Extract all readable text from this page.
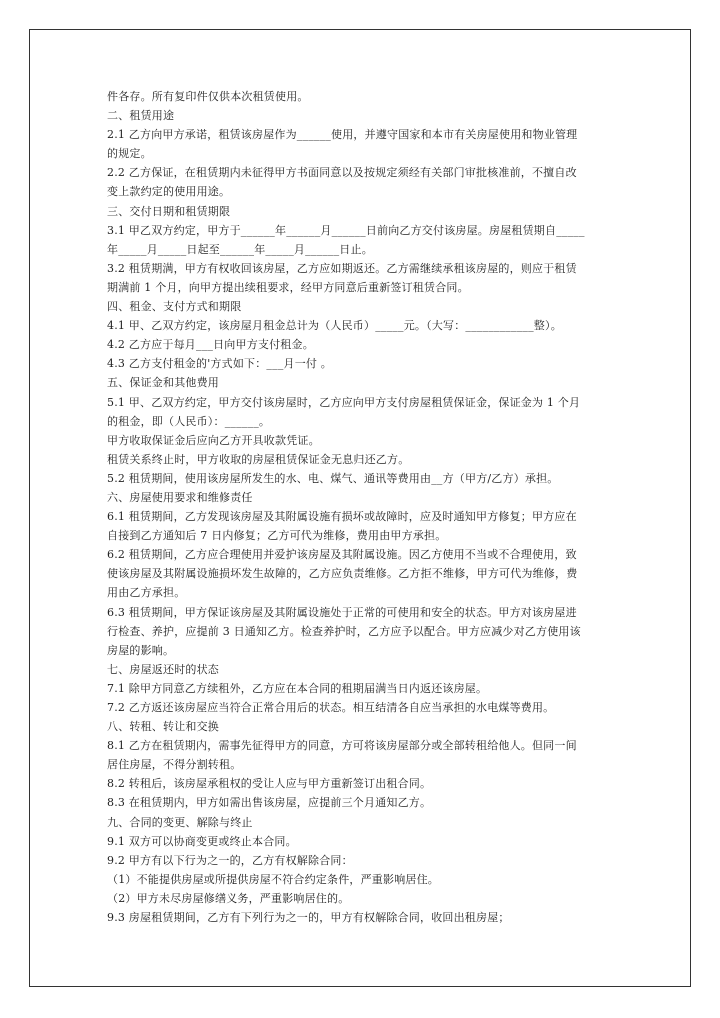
件各存。所有复印件仅供本次租赁使用。
二、租赁用途
2.1 乙方向甲方承诺，租赁该房屋作为______使用，并遵守国家和本市有关房屋使用和物业管理
的规定。
2.2 乙方保证，在租赁期内未征得甲方书面同意以及按规定须经有关部门审批核准前，不擅自改
变上款约定的使用用途。
三、交付日期和租赁期限
3.1 甲乙双方约定，甲方于______年______月______日前向乙方交付该房屋。房屋租赁期自_____
年_____月_____日起至______年_____月______日止。
3.2 租赁期满，甲方有权收回该房屋，乙方应如期返还。乙方需继续承租该房屋的，则应于租赁
期满前 1 个月，向甲方提出续租要求，经甲方同意后重新签订租赁合同。
四、租金、支付方式和期限
4.1 甲、乙双方约定，该房屋月租金总计为（人民币）_____元。（大写：____________整）。
4.2 乙方应于每月___日向甲方支付租金。
4.3 乙方支付租金的'方式如下：___月一付 。
五、保证金和其他费用
5.1 甲、乙双方约定，甲方交付该房屋时，乙方应向甲方支付房屋租赁保证金，保证金为 1 个月
的租金，即（人民币）：______。
甲方收取保证金后应向乙方开具收款凭证。
租赁关系终止时，甲方收取的房屋租赁保证金无息归还乙方。
5.2 租赁期间，使用该房屋所发生的水、电、煤气、通讯等费用由__方（甲方/乙方）承担。
六、房屋使用要求和维修责任
6.1 租赁期间，乙方发现该房屋及其附属设施有损坏或故障时，应及时通知甲方修复；甲方应在
自接到乙方通知后 7 日内修复；乙方可代为维修，费用由甲方承担。
6.2 租赁期间，乙方应合理使用并爱护该房屋及其附属设施。因乙方使用不当或不合理使用，致
使该房屋及其附属设施损坏发生故障的，乙方应负责维修。乙方拒不维修，甲方可代为维修，费
用由乙方承担。
6.3 租赁期间，甲方保证该房屋及其附属设施处于正常的可使用和安全的状态。甲方对该房屋进
行检查、养护，应提前 3 日通知乙方。检查养护时，乙方应予以配合。甲方应减少对乙方使用该
房屋的影响。
七、房屋返还时的状态
7.1 除甲方同意乙方续租外，乙方应在本合同的租期届满当日内返还该房屋。
7.2 乙方返还该房屋应当符合正常合用后的状态。相互结清各自应当承担的水电煤等费用。
八、转租、转让和交换
8.1 乙方在租赁期内，需事先征得甲方的同意，方可将该房屋部分或全部转租给他人。但同一间
居住房屋，不得分割转租。
8.2 转租后，该房屋承租权的受让人应与甲方重新签订出租合同。
8.3 在租赁期内，甲方如需出售该房屋，应提前三个月通知乙方。
九、合同的变更、解除与终止
9.1 双方可以协商变更或终止本合同。
9.2 甲方有以下行为之一的，乙方有权解除合同：
（1）不能提供房屋或所提供房屋不符合约定条件，严重影响居住。
（2）甲方未尽房屋修缮义务，严重影响居住的。
9.3 房屋租赁期间，乙方有下列行为之一的，甲方有权解除合同，收回出租房屋；
